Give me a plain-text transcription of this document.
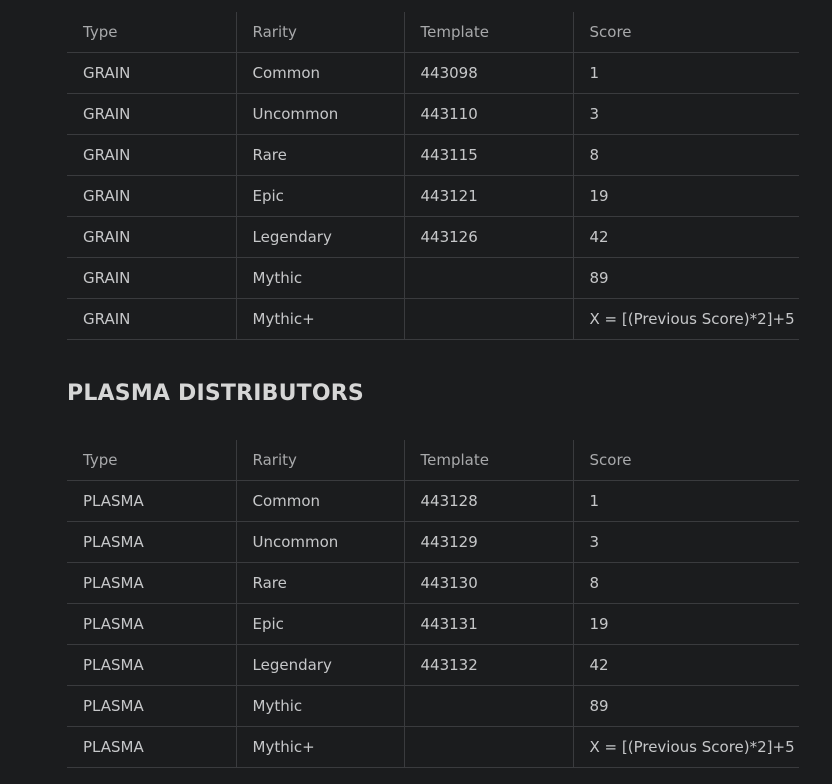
Type	Rarity	Template	Score
GRAIN	Common	443098	1
GRAIN	Uncommon	443110	3
GRAIN	Rare	443115	8
GRAIN	Epic	443121	19
GRAIN	Legendary	443126	42
GRAIN	Mythic		89
GRAIN	Mythic+		X = [(Previous Score)*2]+5
PLASMA DISTRIBUTORS
Type	Rarity	Template	Score
PLASMA	Common	443128	1
PLASMA	Uncommon	443129	3
PLASMA	Rare	443130	8
PLASMA	Epic	443131	19
PLASMA	Legendary	443132	42
PLASMA	Mythic		89
PLASMA	Mythic+		X = [(Previous Score)*2]+5
